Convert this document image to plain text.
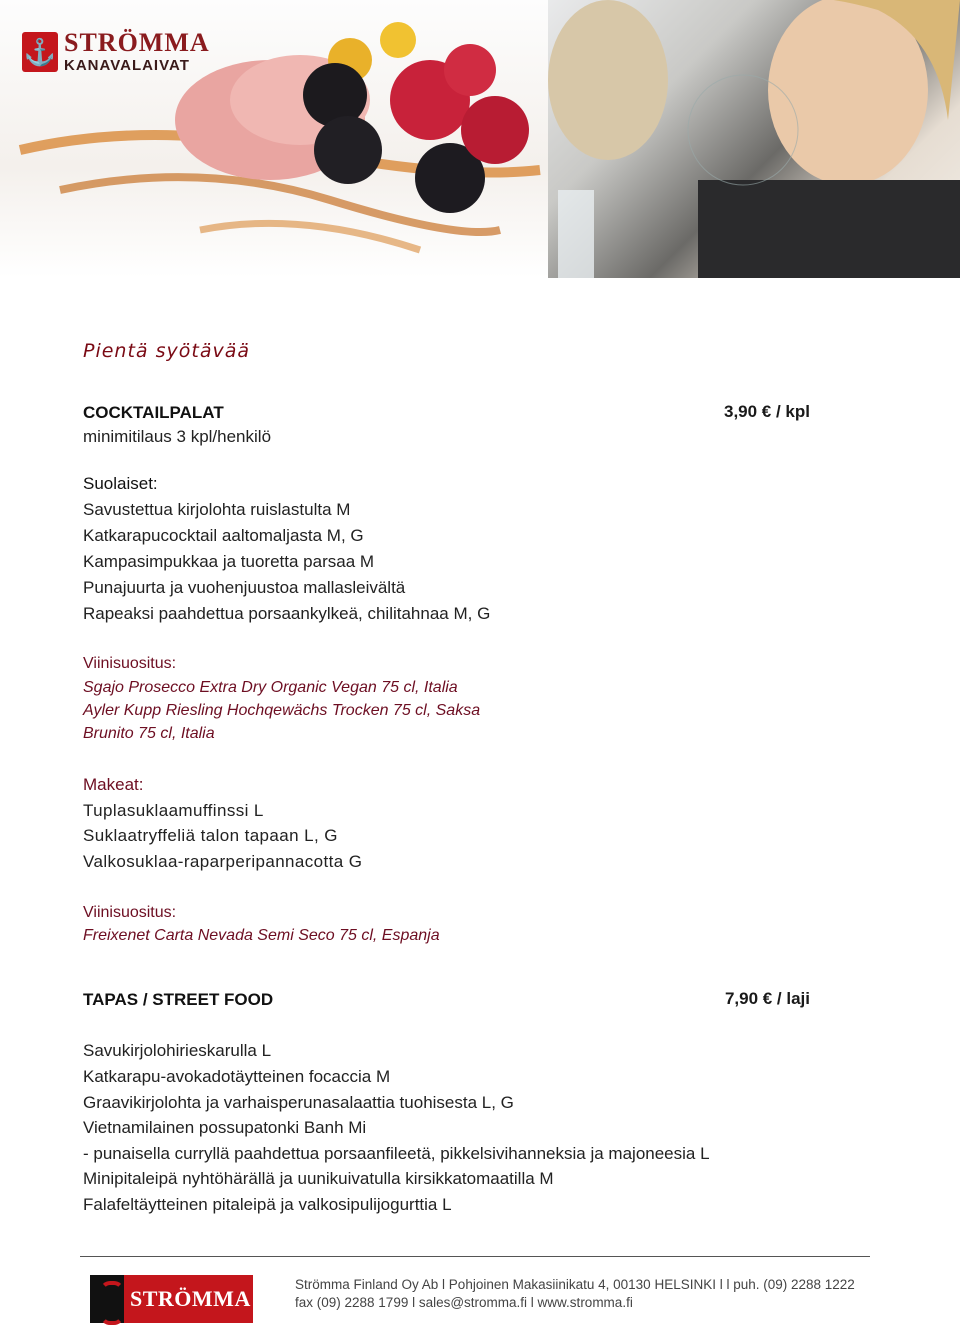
⚓ STRÖMMA
KANAVALAIVAT
Pientä syötävää
COCKTAILPALAT	3,90 € / kpl
minimitilaus 3 kpl/henkilö
Suolaiset:
Savustettua kirjolohta ruislastulta M
Katkarapucocktail aaltomaljasta M, G
Kampasimpukkaa ja tuoretta parsaa M
Punajuurta ja vuohenjuustoa mallasleivältä
Rapeaksi paahdettua porsaankylkeä, chilitahnaa M, G
Viinisuositus:
Sgajo Prosecco Extra Dry Organic Vegan 75 cl, Italia
Ayler Kupp Riesling Hochqewächs Trocken 75 cl, Saksa
Brunito 75 cl, Italia
Makeat:
Tuplasuklaamuffinssi L
Suklaatryffeliä talon tapaan L, G
Valkosuklaa-raparperipannacotta G
Viinisuositus:
Freixenet Carta Nevada Semi Seco 75 cl, Espanja
TAPAS / STREET FOOD	7,90 € / laji
Savukirjolohirieskarulla L
Katkarapu-avokadotäytteinen focaccia M
Graavikirjolohta ja varhaisperunasalaattia tuohisesta L, G
Vietnamilainen possupatonki Banh Mi
- punaisella curryllä paahdettua porsaanfileetä, pikkelsivihanneksia ja majoneesia L
Minipitaleipä nyhtöhärällä ja uunikuivatulla kirsikkatomaatilla M
Falafeltäytteinen pitaleipä ja valkosipulijogurttia L
STRÖMMA
Strömma Finland Oy Ab l Pohjoinen Makasiinikatu 4, 00130 HELSINKI l l puh. (09) 2288 1222
fax (09) 2288 1799 l sales@stromma.fi l www.stromma.fi
